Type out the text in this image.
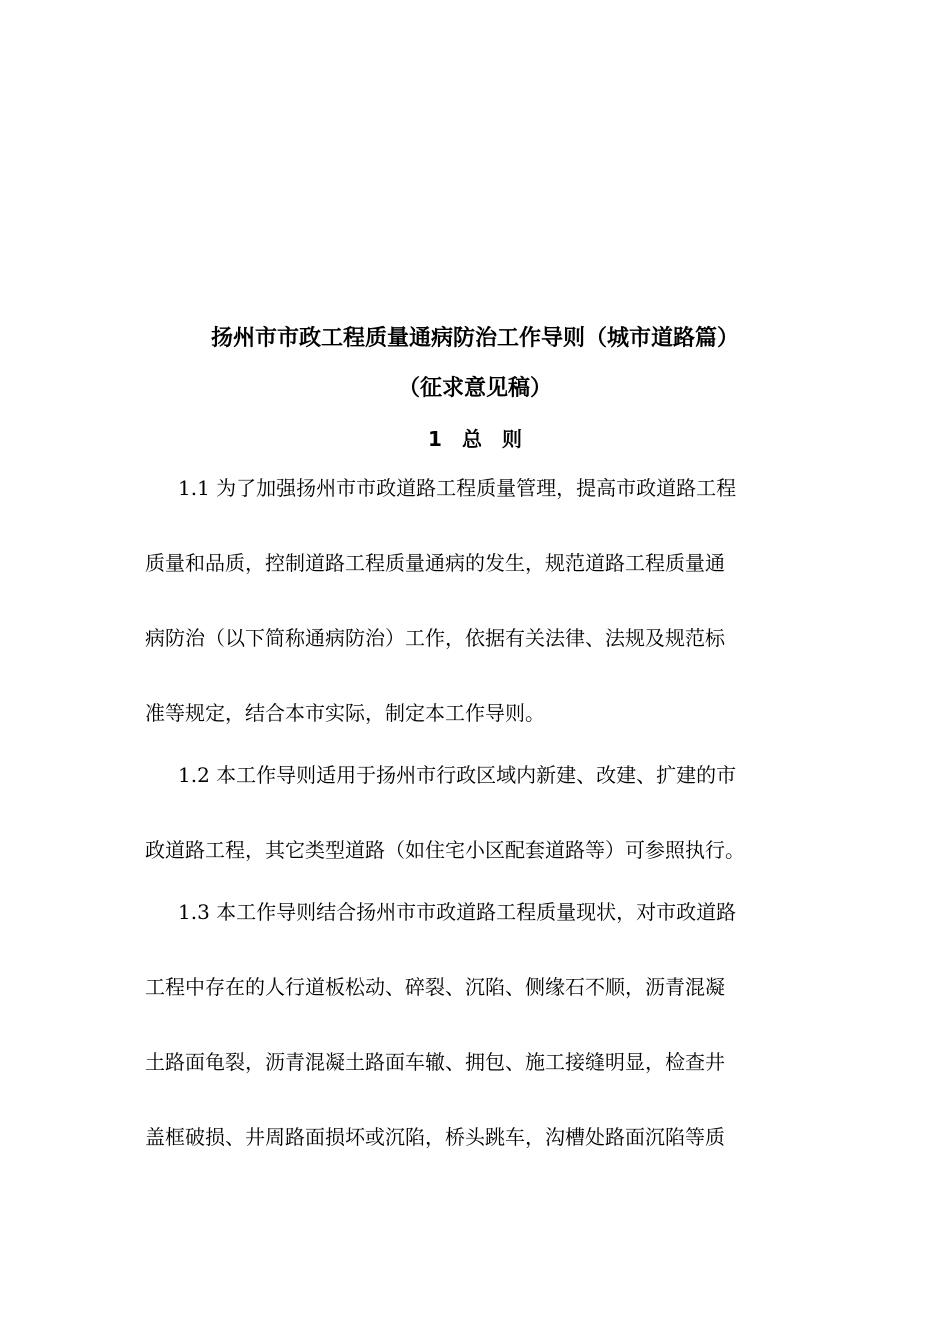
扬州市市政工程质量通病防治工作导则（城市道路篇）
（征求意见稿）
1　总　则
1.1 为了加强扬州市市政道路工程质量管理，提高市政道路工程
质量和品质，控制道路工程质量通病的发生，规范道路工程质量通
病防治（以下简称通病防治）工作，依据有关法律、法规及规范标
准等规定，结合本市实际，制定本工作导则。
1.2 本工作导则适用于扬州市行政区域内新建、改建、扩建的市
政道路工程，其它类型道路（如住宅小区配套道路等）可参照执行。
1.3 本工作导则结合扬州市市政道路工程质量现状，对市政道路
工程中存在的人行道板松动、碎裂、沉陷、侧缘石不顺，沥青混凝
土路面龟裂，沥青混凝土路面车辙、拥包、施工接缝明显，检查井
盖框破损、井周路面损坏或沉陷，桥头跳车，沟槽处路面沉陷等质
